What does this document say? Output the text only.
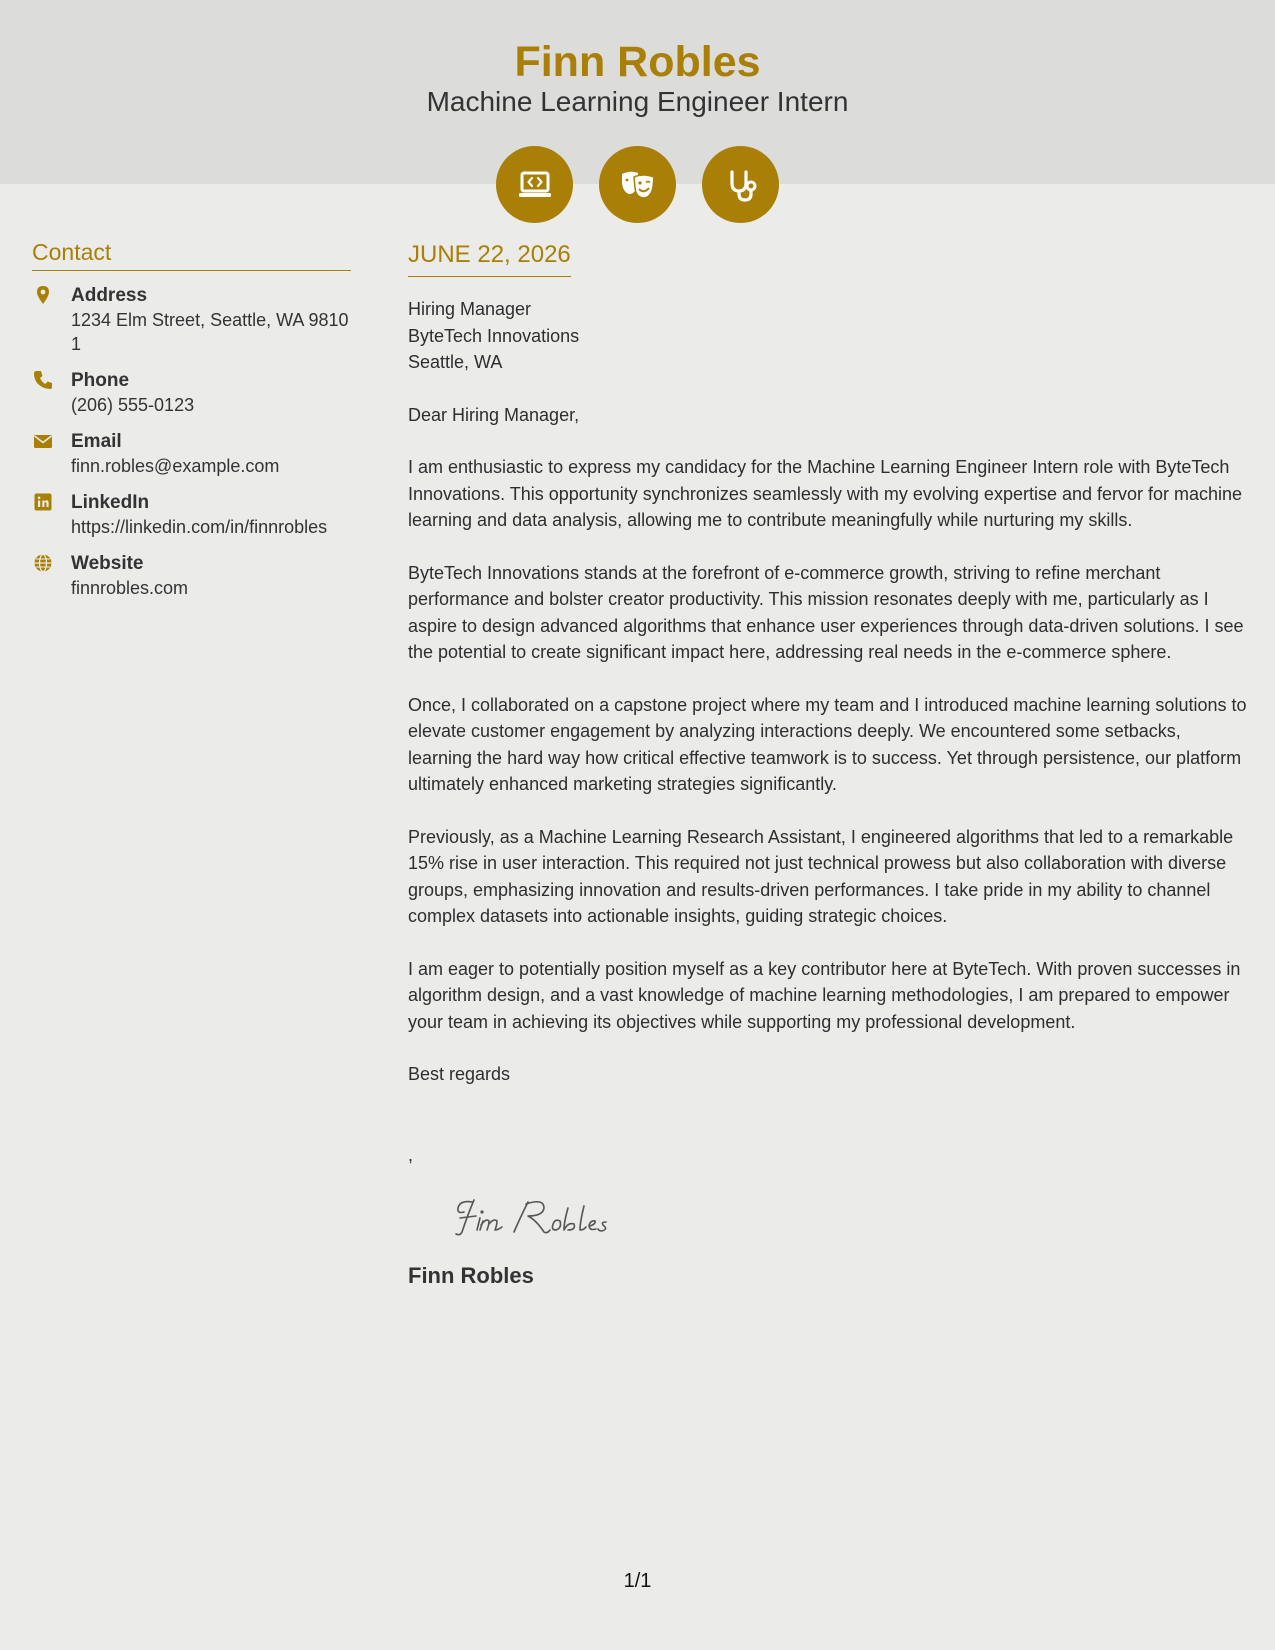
Finn Robles
Machine Learning Engineer Intern
Contact
Address
1234 Elm Street, Seattle, WA 98101
Phone
(206) 555-0123
Email
finn.robles@example.com
LinkedIn
https://linkedin.com/in/finnrobles
Website
finnrobles.com
JUNE 22, 2026
Hiring Manager
ByteTech Innovations
Seattle, WA

Dear Hiring Manager,

I am enthusiastic to express my candidacy for the Machine Learning Engineer Intern role with ByteTech Innovations. This opportunity synchronizes seamlessly with my evolving expertise and fervor for machine learning and data analysis, allowing me to contribute meaningfully while nurturing my skills.

ByteTech Innovations stands at the forefront of e-commerce growth, striving to refine merchant performance and bolster creator productivity. This mission resonates deeply with me, particularly as I aspire to design advanced algorithms that enhance user experiences through data-driven solutions. I see the potential to create significant impact here, addressing real needs in the e-commerce sphere.

Once, I collaborated on a capstone project where my team and I introduced machine learning solutions to elevate customer engagement by analyzing interactions deeply. We encountered some setbacks, learning the hard way how critical effective teamwork is to success. Yet through persistence, our platform ultimately enhanced marketing strategies significantly.

Previously, as a Machine Learning Research Assistant, I engineered algorithms that led to a remarkable 15% rise in user interaction. This required not just technical prowess but also collaboration with diverse groups, emphasizing innovation and results-driven performances. I take pride in my ability to channel complex datasets into actionable insights, guiding strategic choices.

I am eager to potentially position myself as a key contributor here at ByteTech. With proven successes in algorithm design, and a vast knowledge of machine learning methodologies, I am prepared to empower your team in achieving its objectives while supporting my professional development.

Best regards

,
Finn Robles
1/1
